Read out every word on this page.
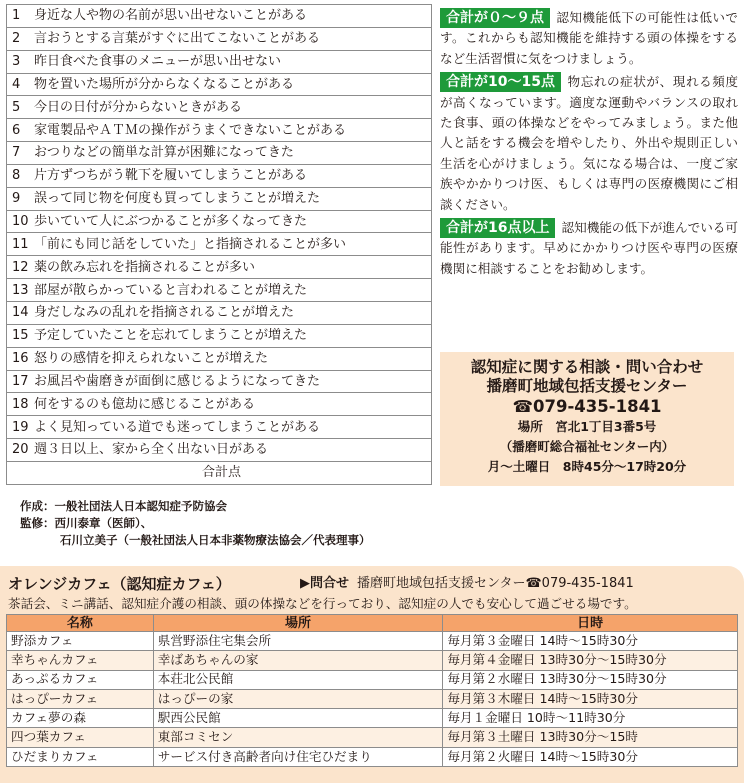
1 身近な人や物の名前が思い出せないことがある
2 言おうとする言葉がすぐに出てこないことがある
3 昨日食べた食事のメニューが思い出せない
4 物を置いた場所が分からなくなることがある
5 今日の日付が分からないときがある
6 家電製品やＡＴＭの操作がうまくできないことがある
7 おつりなどの簡単な計算が困難になってきた
8 片方ずつちがう靴下を履いてしまうことがある
9 誤って同じ物を何度も買ってしまうことが増えた
10 歩いていて人にぶつかることが多くなってきた
11 「前にも同じ話をしていた」と指摘されることが多い
12 薬の飲み忘れを指摘されることが多い
13 部屋が散らかっていると言われることが増えた
14 身だしなみの乱れを指摘されることが増えた
15 予定していたことを忘れてしまうことが増えた
16 怒りの感情を抑えられないことが増えた
17 お風呂や歯磨きが面倒に感じるようになってきた
18 何をするのも億劫に感じることがある
19 よく見知っている道でも迷ってしまうことがある
20 週３日以上、家から全く出ない日がある
合計点
合計が０～９点 認知機能低下の可能性は低いです。これからも認知機能を維持する頭の体操をするなど生活習慣に気をつけましょう。
合計が10～15点 物忘れの症状が、現れる頻度が高くなっています。適度な運動やバランスの取れた食事、頭の体操などをやってみましょう。また他人と話をする機会を増やしたり、外出や規則正しい生活を心がけましょう。気になる場合は、一度ご家族やかかりつけ医、もしくは専門の医療機関にご相談ください。
合計が16点以上 認知機能の低下が進んでいる可能性があります。早めにかかりつけ医や専門の医療機関に相談することをお勧めします。
認知症に関する相談・問い合わせ
播磨町地域包括支援センター
☎079-435-1841
場所　宮北1丁目3番5号
（播磨町総合福祉センター内）
月～土曜日　8時45分～17時20分
作成：一般社団法人日本認知症予防協会
監修：西川泰章（医師）、
石川立美子（一般社団法人日本非薬物療法協会／代表理事）
オレンジカフェ（認知症カフェ）	▶問合せ 播磨町地域包括支援センター☎079-435-1841
茶話会、ミニ講話、認知症介護の相談、頭の体操などを行っており、認知症の人でも安心して過ごせる場です。
名称	場所	日時
野添カフェ	県営野添住宅集会所	毎月第３金曜日 14時～15時30分
幸ちゃんカフェ	幸ばあちゃんの家	毎月第４金曜日 13時30分～15時30分
あっぷるカフェ	本荘北公民館	毎月第２水曜日 13時30分～15時30分
はっぴーカフェ	はっぴーの家	毎月第３木曜日 14時～15時30分
カフェ夢の森	駅西公民館	毎月１金曜日 10時～11時30分
四つ葉カフェ	東部コミセン	毎月第３土曜日 13時30分～15時
ひだまりカフェ	サービス付き高齢者向け住宅ひだまり	毎月第２火曜日 14時～15時30分
